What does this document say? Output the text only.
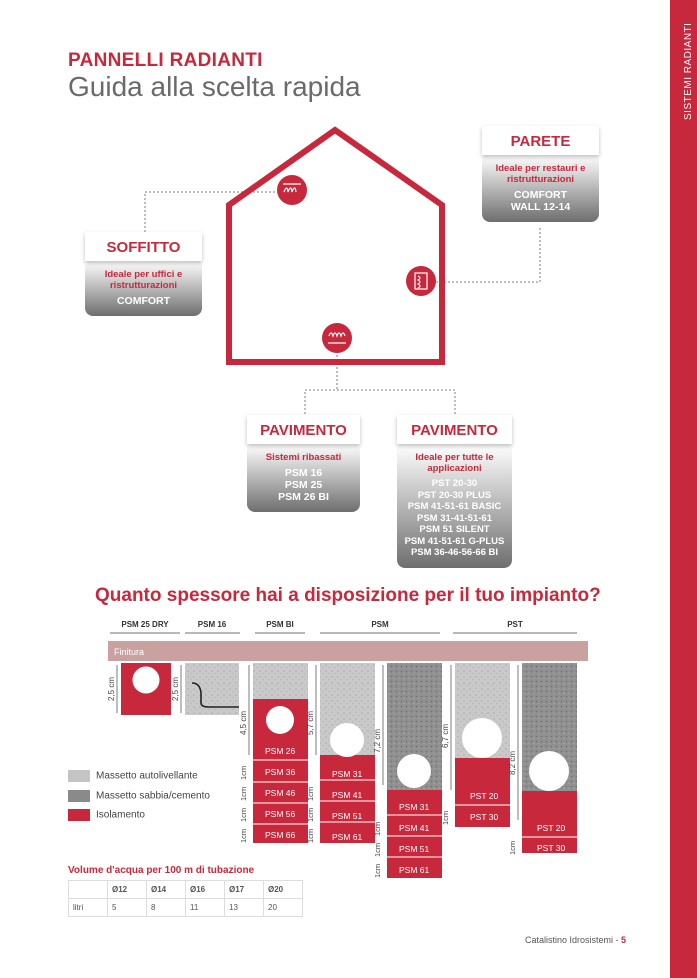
PANNELLI RADIANTI
Guida alla scelta rapida
SOFFITTO
Ideale per uffici e ristrutturazioni
COMFORT
PARETE
Ideale per restauri e ristrutturazioni
COMFORT
WALL 12-14
PAVIMENTO
Sistemi ribassati
PSM 16
PSM 25
PSM 26 BI
PAVIMENTO
Ideale per tutte le applicazioni
PST 20-30
PST 20-30 PLUS
PSM 41-51-61 BASIC
PSM 31-41-51-61
PSM 51 SILENT
PSM 41-51-61 G-PLUS
PSM 36-46-56-66 BI
Quanto spessore hai a disposizione per il tuo impianto?
PSM 25 DRY	PSM 16	PSM BI	PSM	PST
Finitura
PSM 26
PSM 36
PSM 46
PSM 56
PSM 66
PSM 31
PSM 41
PSM 51
PSM 61
PSM 31
PSM 41
PSM 51
PSM 61
PST 20
PST 30
PST 20
PST 30
2,5 cm	2,5 cm
4,5 cm	5,7 cm
7,2 cm	6,7 cm
8,2 cm
1cm
1cm
1cm
1cm
1cm
1cm
1cm	1cm
1cm
1cm
1cm
1cm
Massetto autolivellante
Massetto sabbia/cemento
Isolamento
Volume d'acqua per 100 m di tubazione
	Ø12	Ø14	Ø16	Ø17	Ø20
litri	5	8	11	13	20
Catalistino Idrosistemi - 5
